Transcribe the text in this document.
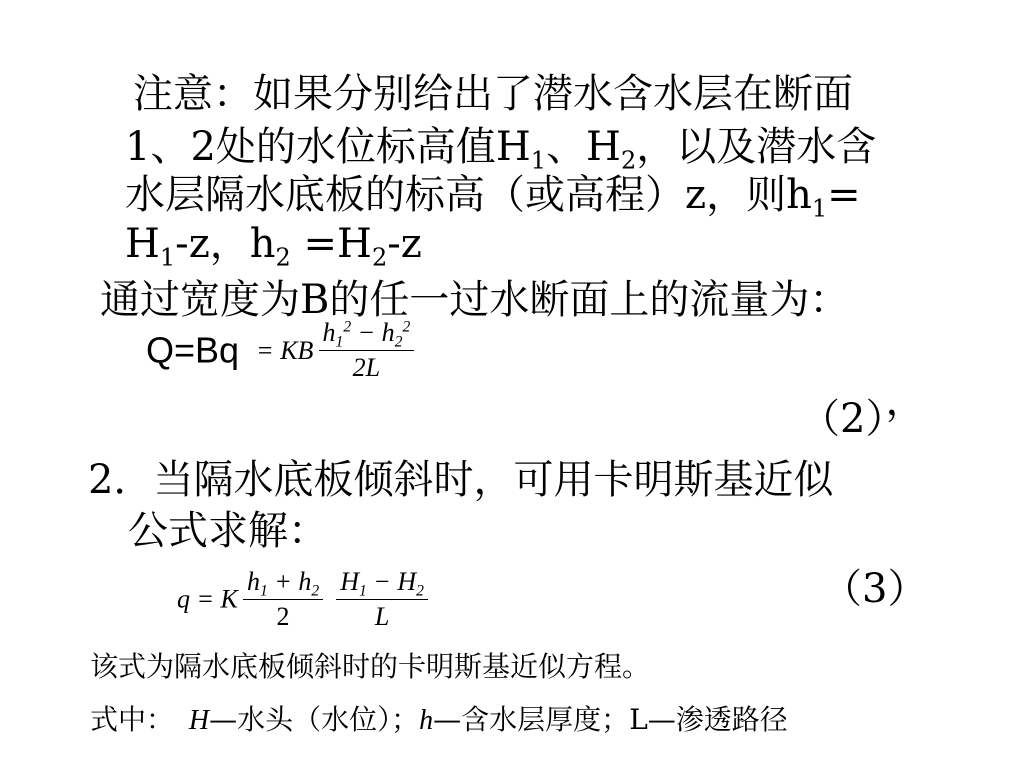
注意：如果分别给出了潜水含水层在断面
1、2处的水位标高值$H_1$、$H_2$，以及潜水含
水层隔水底板的标高（或高程）z，则$h_1=$
$H_1-z$，$h_2 =H_2-z$
通过宽度为B的任一过水断面上的流量为：
Q=Bq = KB $\frac{h_1^2 - h_2^2}{2L}$
（2），
2．当隔水底板倾斜时，可用卡明斯基近似
公式求解：
q = K $\frac{h_1 + h_2}{2}$
$\frac{H_1 - H_2}{L}$	（3）
该式为隔水底板倾斜时的卡明斯基近似方程。
式中： H—水头（水位）；h—含水层厚度；L—渗透路径
